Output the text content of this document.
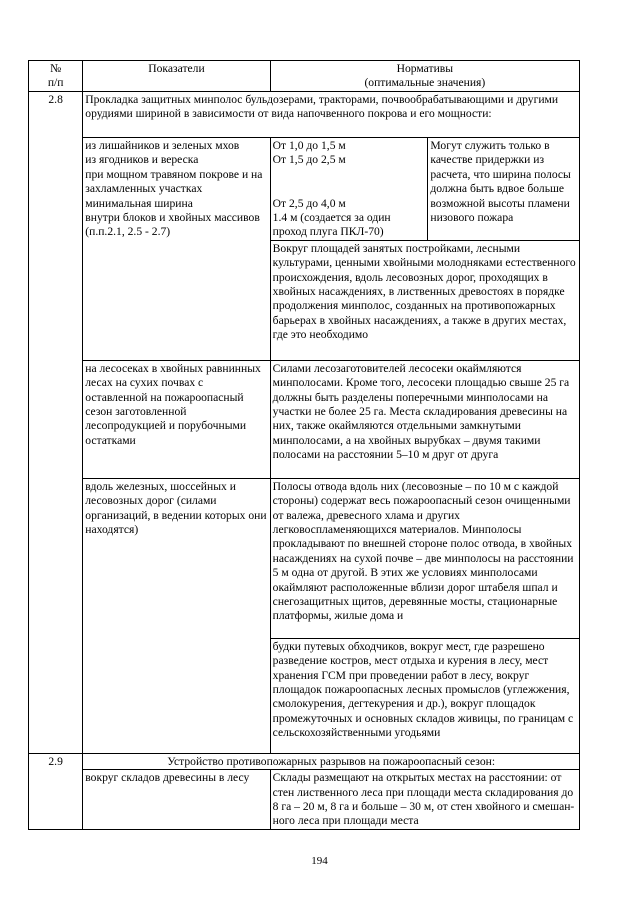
№
п/п	Показатели	Нормативы
(оптимальные значения)	
2.8	Прокладка защитных минполос бульдозерами, тракторами, почвообрабатывающими и другими орудиями шириной в зависимости от вида напочвенного покрова и его мощности:		

	из лишайников и зеленых мхов
из ягодников и вереска
при мощном травяном покрове и на захламленных участках
минимальная ширина
внутри блоков и хвойных массивов (п.п.2.1, 2.5 - 2.7)	От 1,0 до 1,5 м
От 1,5 до 2,5 м
От 2,5 до 4,0 м
1.4 м (создается за один проход плуга ПКЛ-70)	Могут служить только в качестве придержки из расчета, что ширина полосы должна быть вдвое больше возможной высоты пламени низового пожара
		Вокруг площадей занятых постройками, лесными культурами, ценными хвойными молодняками естественного происхождения, вдоль лесовозных дорог, проходящих в хвойных насаждениях, в лиственных древостоях в порядке продолжения минполос, созданных на противопожарных барьерах в хвойных насаждениях, а также в других местах, где это необходимо	
	на лесосеках в хвойных равнинных лесах на сухих почвах с оставленной на пожароопасный сезон заготовленной лесопродукцией и порубочными остатками	Силами лесозаготовителей лесосеки окаймляются минполосами. Кроме того, лесосеки площадью свыше 25 га должны быть разделены поперечными минполосами на участки не более 25 га. Места складирования древесины на них, также окаймляются отдельными замкнутыми минполосами, а на хвойных вырубках – двумя такими полосами на расстоянии 5–10 м друг от друга	
	вдоль железных, шоссейных и лесовозных дорог (силами организаций, в ведении которых они находятся)	Полосы отвода вдоль них (лесовозные – по 10 м с каждой стороны) содержат весь пожароопасный сезон очищенными от валежа, древесного хлама и других легковоспламеняющихся материалов. Минполосы прокладывают по внешней стороне полос отвода, в хвойных насаждениях на сухой почве – две минполосы на расстоянии 5 м одна от другой. В этих же условиях минполосами окаймляют расположенные вблизи дорог штабеля шпал и снегозащитных щитов, деревянные мосты, стационарные платформы, жилые дома и	
		будки путевых обходчиков, вокруг мест, где разрешено разведение костров, мест отдыха и курения в лесу, мест хранения ГСМ при проведении работ в лесу, вокруг площадок пожароопасных лесных промыслов (углежжения, смолокурения, дегтекурения и др.), вокруг площадок промежуточных и основных складов живицы, по границам с сельскохозяйственными угодьями	
2.9	Устройство противопожарных разрывов на пожароопасный сезон:		
	вокруг складов древесины в лесу	Склады размещают на открытых местах на расстоянии: от стен лиственного леса при площади места складирования до 8 га – 20 м, 8 га и больше – 30 м, от стен хвойного и смешан-ного леса при площади места	
194
